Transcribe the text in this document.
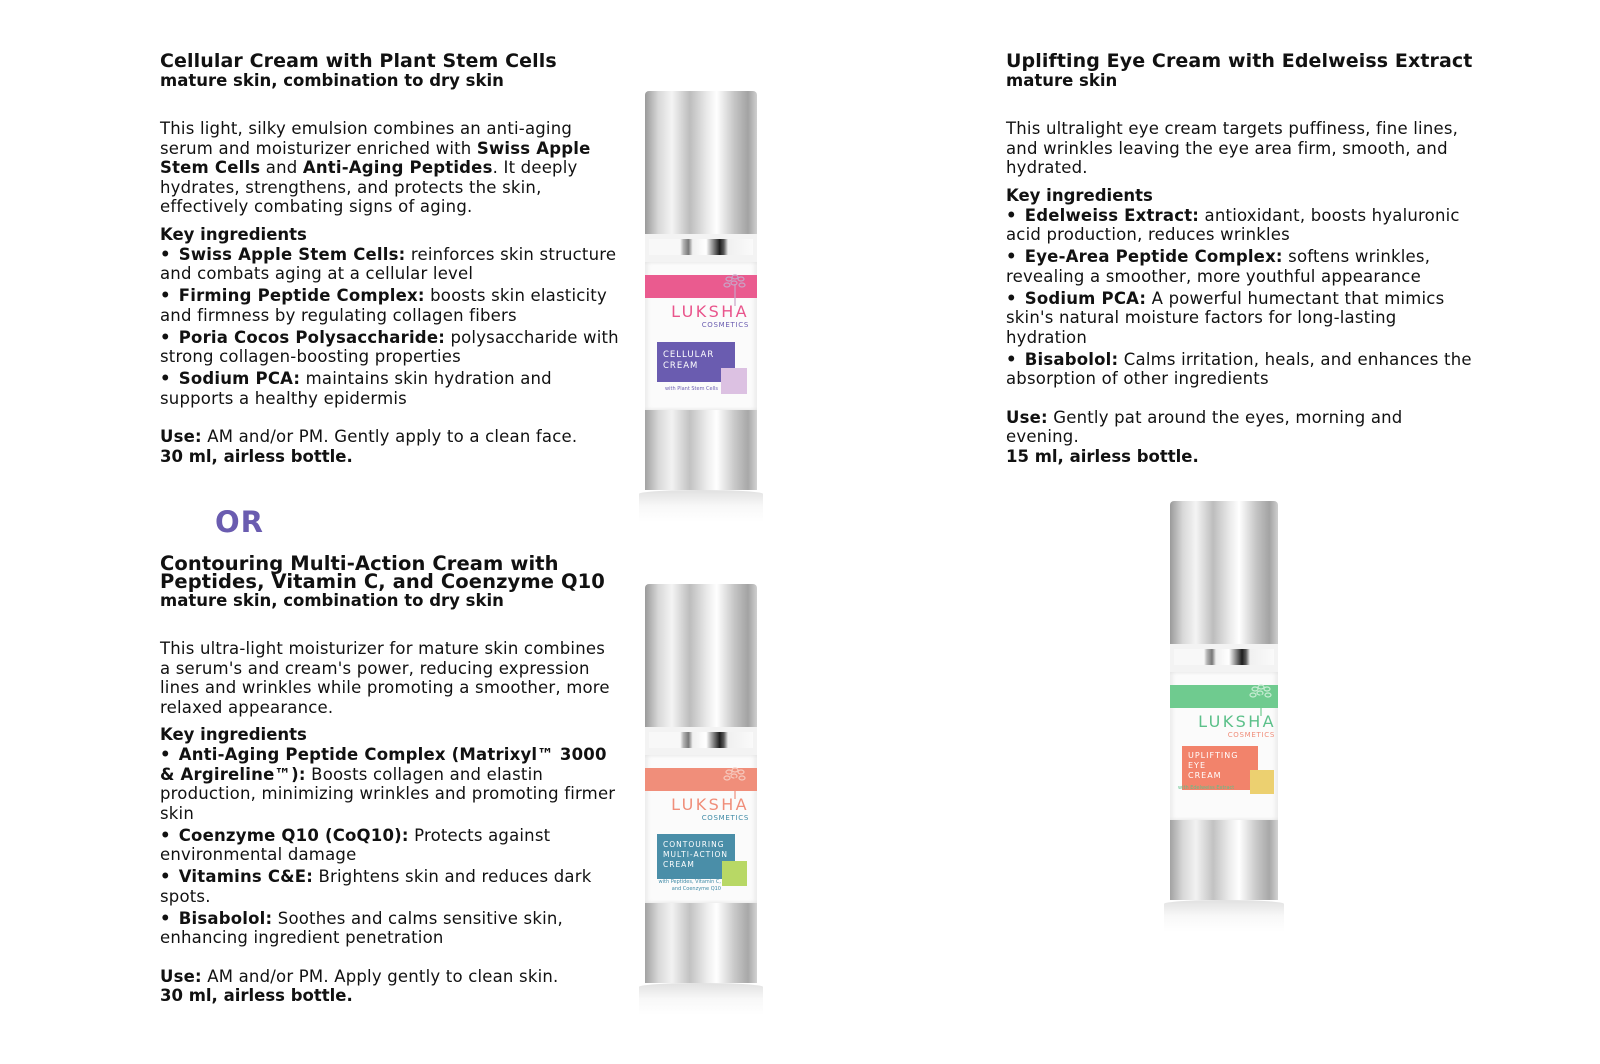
Cellular Cream with Plant Stem Cells

mature skin, combination to dry skin

This light, silky emulsion combines an anti-aging serum and moisturizer enriched with Swiss Apple Stem Cells and Anti-Aging Peptides. It deeply hydrates, strengthens, and protects the skin, effectively combating signs of aging.

Key ingredients

• Swiss Apple Stem Cells: reinforces skin structure and combats aging at a cellular level
• Firming Peptide Complex: boosts skin elasticity and firmness by regulating collagen fibers
• Poria Cocos Polysaccharide: polysaccharide with strong collagen-boosting properties
• Sodium PCA: maintains skin hydration and supports a healthy epidermis

Use: AM and/or PM. Gently apply to a clean face.

30 ml, airless bottle.

OR
Contouring Multi-Action Cream with
Peptides, Vitamin C, and Coenzyme Q10

mature skin, combination to dry skin

This ultra-light moisturizer for mature skin combines a serum's and cream's power, reducing expression lines and wrinkles while promoting a smoother, more relaxed appearance.

Key ingredients

• Anti-Aging Peptide Complex (Matrixyl™ 3000 & Argireline™): Boosts collagen and elastin production, minimizing wrinkles and promoting firmer skin
• Coenzyme Q10 (CoQ10): Protects against environmental damage
• Vitamins C&E: Brightens skin and reduces dark spots.
• Bisabolol: Soothes and calms sensitive skin, enhancing ingredient penetration

Use: AM and/or PM. Apply gently to clean skin.

30 ml, airless bottle.

Uplifting Eye Cream with Edelweiss Extract

mature skin

This ultralight eye cream targets puffiness, fine lines, and wrinkles leaving the eye area firm, smooth, and hydrated.

Key ingredients

• Edelweiss Extract: antioxidant, boosts hyaluronic acid production, reduces wrinkles
• Eye-Area Peptide Complex: softens wrinkles, revealing a smoother, more youthful appearance
• Sodium PCA: A powerful humectant that mimics skin's natural moisture factors for long-lasting hydration
• Bisabolol: Calms irritation, heals, and enhances the absorption of other ingredients

Use: Gently pat around the eyes, morning and evening.

15 ml, airless bottle.

LUKSHA
COSMETICS
CELLULAR
CREAM
with Plant Stem Cells
LUKSHA
COSMETICS
CONTOURING
MULTI-ACTION
CREAM
with Peptides, Vitamin C,
and Coenzyme Q10
LUKSHA
COSMETICS
UPLIFTING
EYE
CREAM
with Edelweiss Extract
